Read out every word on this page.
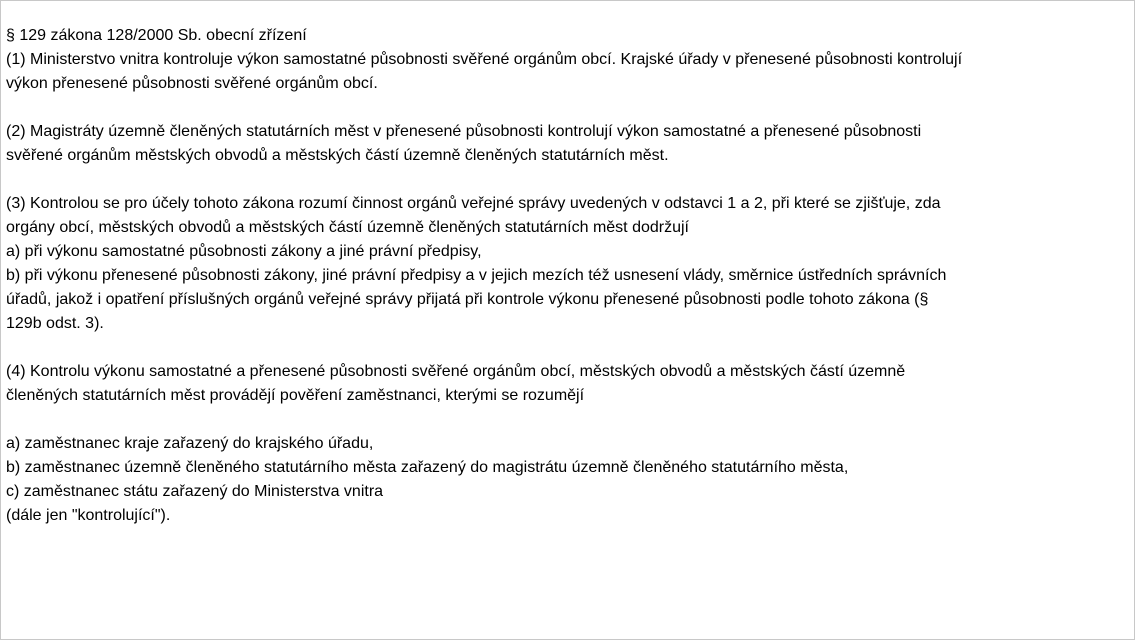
§ 129 zákona 128/2000 Sb. obecní zřízení
(1) Ministerstvo vnitra kontroluje výkon samostatné působnosti svěřené orgánům obcí. Krajské úřady v přenesené působnosti kontrolují
výkon přenesené působnosti svěřené orgánům obcí.
(2) Magistráty územně členěných statutárních měst v přenesené působnosti kontrolují výkon samostatné a přenesené působnosti
svěřené orgánům městských obvodů a městských částí územně členěných statutárních měst.
(3) Kontrolou se pro účely tohoto zákona rozumí činnost orgánů veřejné správy uvedených v odstavci 1 a 2, při které se zjišťuje, zda
orgány obcí, městských obvodů a městských částí územně členěných statutárních měst dodržují
a) při výkonu samostatné působnosti zákony a jiné právní předpisy,
b) při výkonu přenesené působnosti zákony, jiné právní předpisy a v jejich mezích též usnesení vlády, směrnice ústředních správních
úřadů, jakož i opatření příslušných orgánů veřejné správy přijatá při kontrole výkonu přenesené působnosti podle tohoto zákona (§
129b odst. 3).
(4) Kontrolu výkonu samostatné a přenesené působnosti svěřené orgánům obcí, městských obvodů a městských částí územně
členěných statutárních měst provádějí pověření zaměstnanci, kterými se rozumějí
a) zaměstnanec kraje zařazený do krajského úřadu,
b) zaměstnanec územně členěného statutárního města zařazený do magistrátu územně členěného statutárního města,
c) zaměstnanec státu zařazený do Ministerstva vnitra
(dále jen "kontrolující").
